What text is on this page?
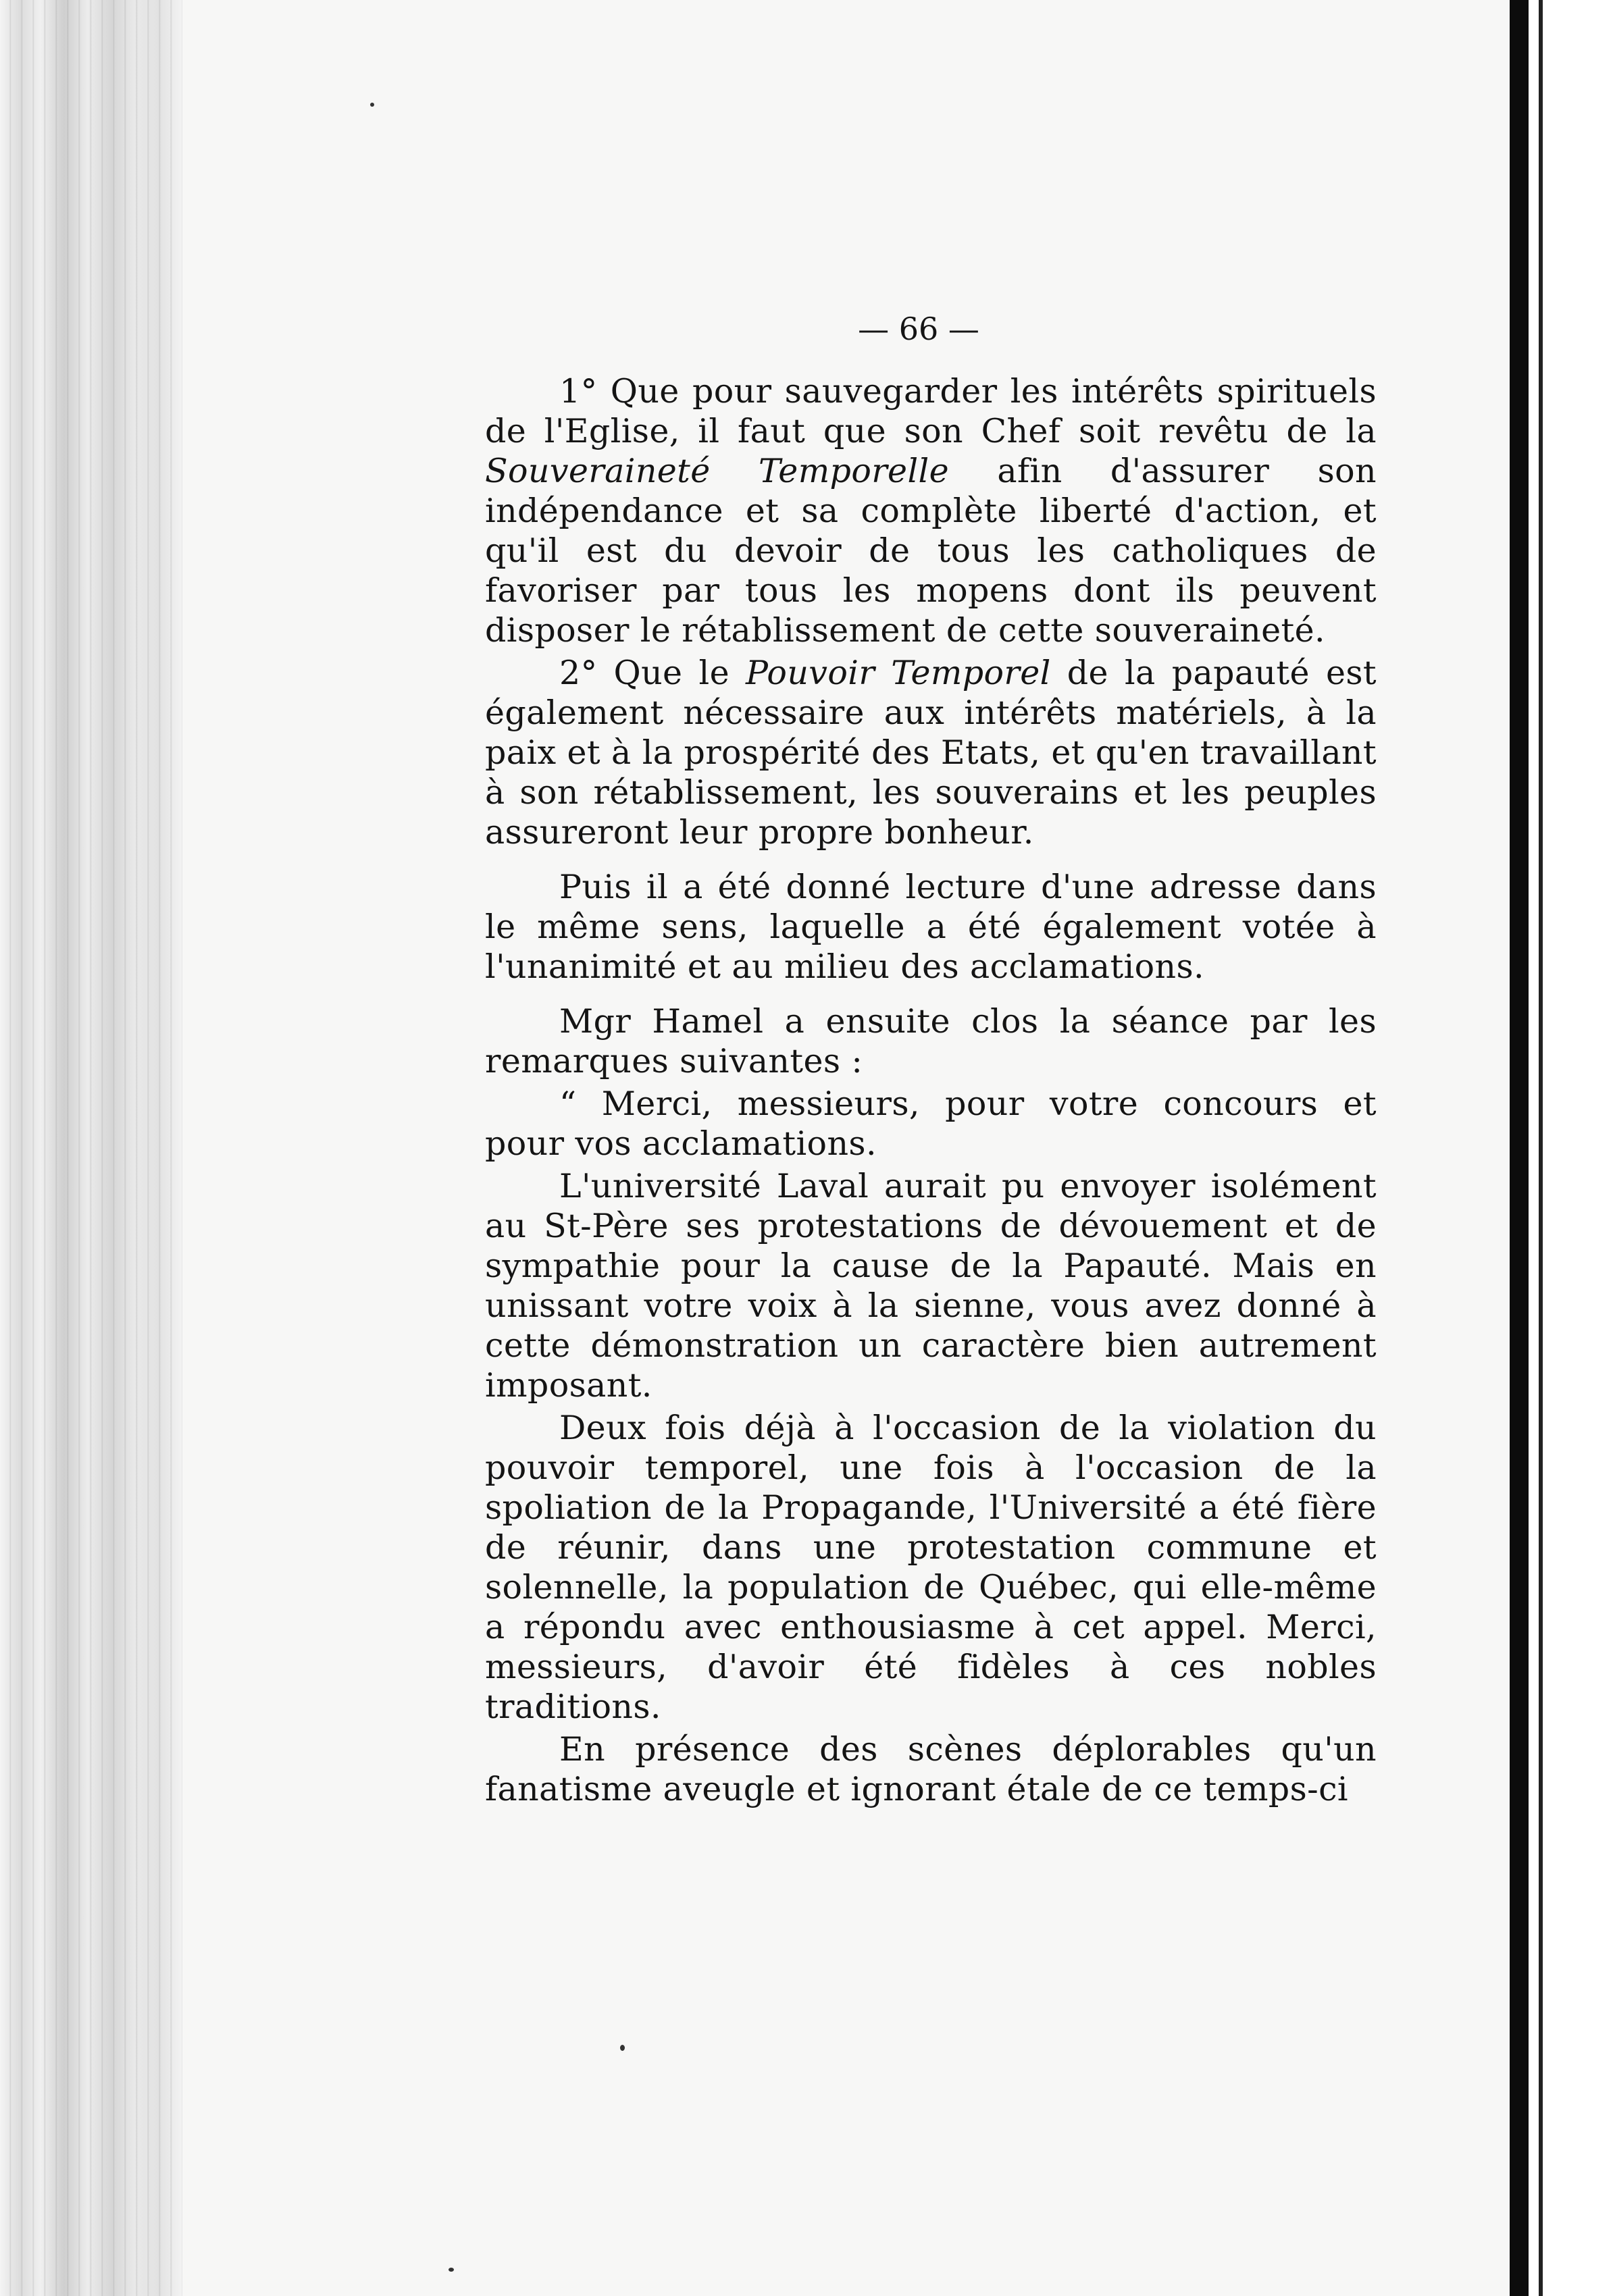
— 66 —

1° Que pour sauvegarder les intérêts spirituels de l'Eglise, il faut que son Chef soit revêtu de la Souveraineté Temporelle afin d'assurer son indépendance et sa complète liberté d'action, et qu'il est du devoir de tous les catholiques de favoriser par tous les mopens dont ils peuvent disposer le rétablissement de cette souveraineté.

2° Que le Pouvoir Temporel de la papauté est également nécessaire aux intérêts matériels, à la paix et à la prospérité des Etats, et qu'en travaillant à son rétablissement, les souverains et les peuples assureront leur propre bonheur.

Puis il a été donné lecture d'une adresse dans le même sens, laquelle a été également votée à l'unanimité et au milieu des acclamations.

Mgr Hamel a ensuite clos la séance par les remarques suivantes :

“ Merci, messieurs, pour votre concours et pour vos acclamations.

L'université Laval aurait pu envoyer isolément au St-Père ses protestations de dévouement et de sympathie pour la cause de la Papauté. Mais en unissant votre voix à la sienne, vous avez donné à cette démonstration un caractère bien autrement imposant.

Deux fois déjà à l'occasion de la violation du pouvoir temporel, une fois à l'occasion de la spoliation de la Propagande, l'Université a été fière de réunir, dans une protestation commune et solennelle, la population de Québec, qui elle-même a répondu avec enthousiasme à cet appel. Merci, messieurs, d'avoir été fidèles à ces nobles traditions.

En présence des scènes déplorables qu'un fanatisme aveugle et ignorant étale de ce temps-ci
